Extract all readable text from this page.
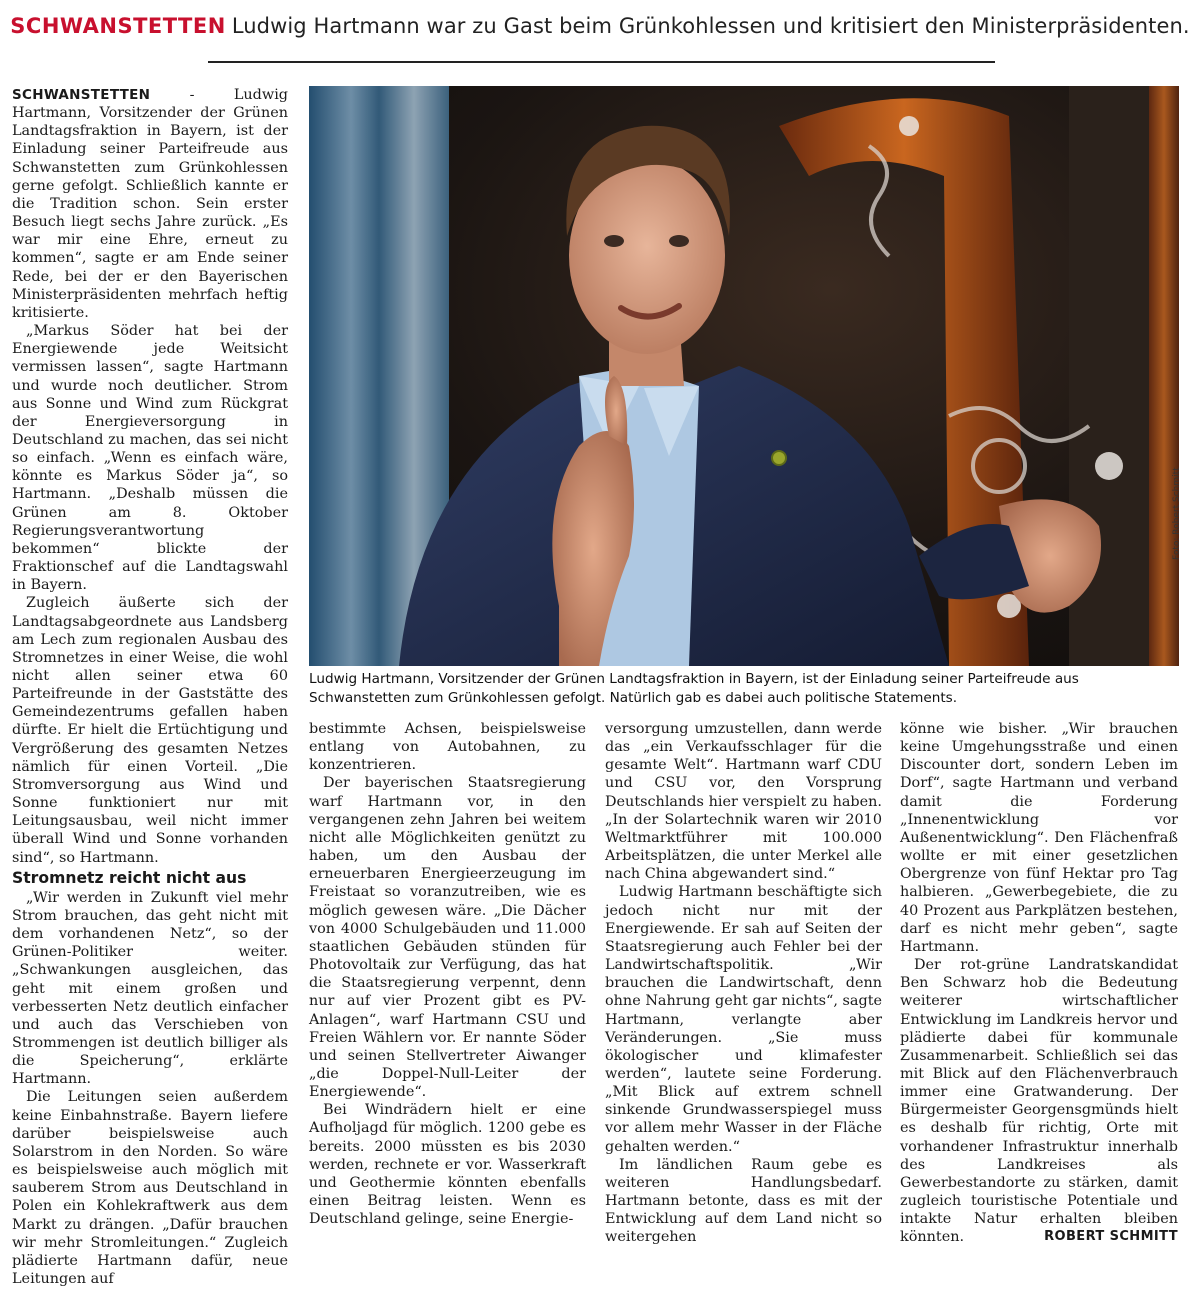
SCHWANSTETTEN Ludwig Hartmann war zu Gast beim Grünkohlessen und kritisiert den Ministerpräsidenten.

SCHWANSTETTEN	- Ludwig Hartmann, Vorsitzender der Grünen Landtagsfraktion in Bayern, ist der Einladung seiner Parteifreude aus Schwanstetten zum Grünkohlessen gerne gefolgt. Schließlich kannte er die Tradition schon. Sein erster Besuch liegt sechs Jahre zurück. „Es war mir eine Ehre, erneut zu kommen“, sagte er am Ende seiner Rede, bei der er den Bayerischen Ministerpräsidenten mehrfach heftig kritisierte.

„Markus Söder hat bei der Energiewende jede Weitsicht vermissen lassen“, sagte Hartmann und wurde noch deutlicher. Strom aus Sonne und Wind zum Rückgrat der Energieversorgung in Deutschland zu machen, das sei nicht so einfach. „Wenn es einfach wäre, könnte es Markus Söder ja“, so Hartmann. „Deshalb müssen die Grünen am 8. Oktober Regierungsverantwortung bekommen“ blickte der Fraktionschef auf die Landtagswahl in Bayern.

Zugleich äußerte sich der Landtagsabgeordnete aus Landsberg am Lech zum regionalen Ausbau des Stromnetzes in einer Weise, die wohl nicht allen seiner etwa 60 Parteifreunde in der Gaststätte des Gemeindezentrums gefallen haben dürfte. Er hielt die Ertüchtigung und Vergrößerung des gesamten Netzes nämlich für einen Vorteil. „Die Stromversorgung aus Wind und Sonne funktioniert nur mit Leitungsausbau, weil nicht immer überall Wind und Sonne vorhanden sind“, so Hartmann.

Stromnetz reicht nicht aus

„Wir werden in Zukunft viel mehr Strom brauchen, das geht nicht mit dem vorhandenen Netz“, so der Grünen-Politiker weiter. „Schwankungen ausgleichen, das geht mit einem großen und verbesserten Netz deutlich einfacher und auch das Verschieben von Strommengen ist deutlich billiger als die Speicherung“, erklärte Hartmann.

Die Leitungen seien außerdem keine Einbahnstraße. Bayern liefere darüber beispielsweise auch Solarstrom in den Norden. So wäre es beispielsweise auch möglich mit sauberem Strom aus Deutschland in Polen ein Kohlekraftwerk aus dem Markt zu drängen. „Dafür brauchen wir mehr Stromleitungen.“ Zugleich plädierte Hartmann dafür, neue Leitungen auf

Foto: Robert Schmitt
Ludwig Hartmann, Vorsitzender der Grünen Landtagsfraktion in Bayern, ist der Einladung seiner Parteifreude aus Schwanstetten zum Grünkohlessen gefolgt. Natürlich gab es dabei auch politische Statements.

bestimmte Achsen, beispielsweise entlang von Autobahnen, zu konzentrieren.

Der bayerischen Staatsregierung warf Hartmann vor, in den vergangenen zehn Jahren bei weitem nicht alle Möglichkeiten genützt zu haben, um den Ausbau der erneuerbaren Energieerzeugung im Freistaat so voranzutreiben, wie es möglich gewesen wäre. „Die Dächer von 4000 Schulgebäuden und 11.000 staatlichen Gebäuden stünden für Photovoltaik zur Verfügung, das hat die Staatsregierung verpennt, denn nur auf vier Prozent gibt es PV-Anlagen“, warf Hartmann CSU und Freien Wählern vor. Er nannte Söder und seinen Stellvertreter Aiwanger „die Doppel-Null-Leiter der Energiewende“.

Bei Windrädern hielt er eine Aufholjagd für möglich. 1200 gebe es bereits. 2000 müssten es bis 2030 werden, rechnete er vor. Wasserkraft und Geothermie könnten ebenfalls einen Beitrag leisten. Wenn es Deutschland gelinge, seine Energie-

versorgung umzustellen, dann werde das „ein Verkaufsschlager für die gesamte Welt“. Hartmann warf CDU und CSU vor, den Vorsprung Deutschlands hier verspielt zu haben. „In der Solartechnik waren wir 2010 Weltmarktführer mit 100.000 Arbeitsplätzen, die unter Merkel alle nach China abgewandert sind.“

Ludwig Hartmann beschäftigte sich jedoch nicht nur mit der Energiewende. Er sah auf Seiten der Staatsregierung auch Fehler bei der Landwirtschaftspolitik. „Wir brauchen die Landwirtschaft, denn ohne Nahrung geht gar nichts“, sagte Hartmann, verlangte aber Veränderungen. „Sie muss ökologischer und klimafester werden“, lautete seine Forderung. „Mit Blick auf extrem schnell sinkende Grundwasserspiegel muss vor allem mehr Wasser in der Fläche gehalten werden.“

Im ländlichen Raum gebe es weiteren Handlungsbedarf. Hartmann betonte, dass es mit der Entwicklung auf dem Land nicht so weitergehen

könne wie bisher. „Wir brauchen keine Umgehungsstraße und einen Discounter dort, sondern Leben im Dorf“, sagte Hartmann und verband damit die Forderung „Innenentwicklung vor Außenentwicklung“. Den Flächenfraß wollte er mit einer gesetzlichen Obergrenze von fünf Hektar pro Tag halbieren. „Gewerbegebiete, die zu 40 Prozent aus Parkplätzen bestehen, darf es nicht mehr geben“, sagte Hartmann.

Der rot-grüne Landratskandidat Ben Schwarz hob die Bedeutung weiterer wirtschaftlicher Entwicklung im Landkreis hervor und plädierte dabei für kommunale Zusammenarbeit. Schließlich sei das mit Blick auf den Flächenverbrauch immer eine Gratwanderung. Der Bürgermeister Georgensgmünds hielt es deshalb für richtig, Orte mit vorhandener Infrastruktur innerhalb des Landkreises als Gewerbestandorte zu stärken, damit zugleich touristische Potentiale und intakte Natur erhalten bleiben könnten.	ROBERT SCHMITT
